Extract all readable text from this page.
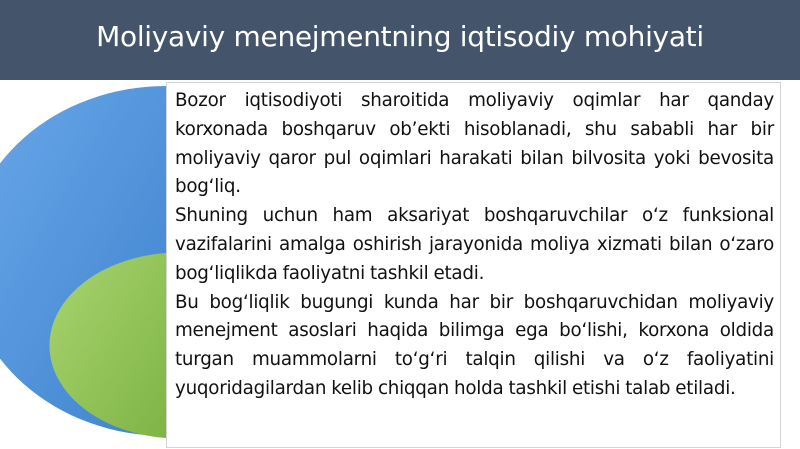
Moliyaviy menejmentning iqtisodiy mohiyati

Bozor iqtisodiyoti sharoitida moliyaviy oqimlar har qanday korxonada boshqaruv ob’ekti hisoblanadi, shu sababli har bir moliyaviy qaror pul oqimlari harakati bilan bilvosita yoki bevosita bog‘liq.

Shuning uchun ham aksariyat boshqaruvchilar o‘z funksional vazifalarini amalga oshirish jarayonida moliya xizmati bilan o‘zaro bog‘liqlikda faoliyatni tashkil etadi.

Bu bog‘liqlik bugungi kunda har bir boshqaruvchidan moliyaviy menejment asoslari haqida bilimga ega bo‘lishi, korxona oldida turgan muammolarni to‘g‘ri talqin qilishi va o‘z faoliyatini yuqoridagilardan kelib chiqqan holda tashkil etishi talab etiladi.
